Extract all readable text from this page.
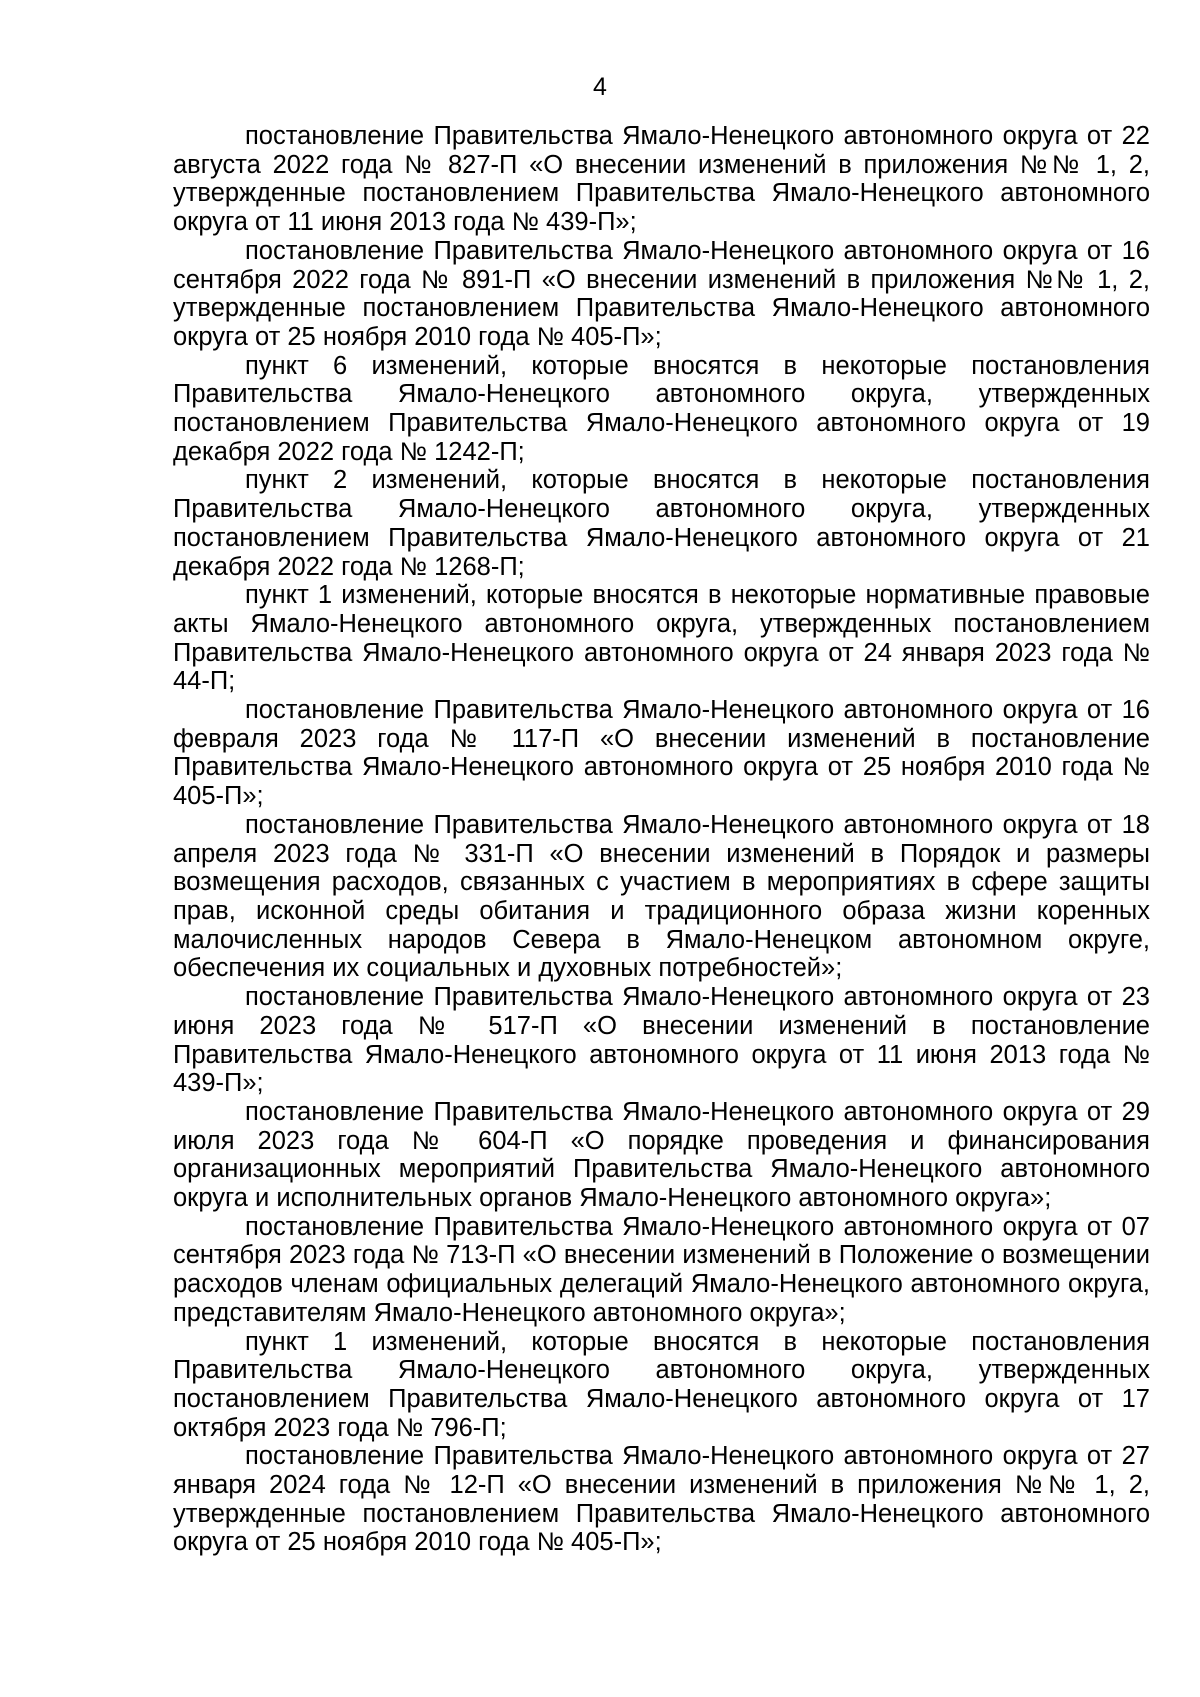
4

постановление Правительства Ямало-Ненецкого автономного округа от 22 августа 2022 года № 827-П «О внесении изменений в приложения №№ 1, 2, утвержденные постановлением Правительства Ямало-Ненецкого автономного округа от 11 июня 2013 года № 439-П»;

постановление Правительства Ямало-Ненецкого автономного округа от 16 сентября 2022 года № 891-П «О внесении изменений в приложения №№ 1, 2, утвержденные постановлением Правительства Ямало-Ненецкого автономного округа от 25 ноября 2010 года № 405-П»;

пункт 6 изменений, которые вносятся в некоторые постановления Правительства Ямало-Ненецкого автономного округа, утвержденных постановлением Правительства Ямало-Ненецкого автономного округа от 19 декабря 2022 года № 1242-П;

пункт 2 изменений, которые вносятся в некоторые постановления Правительства Ямало-Ненецкого автономного округа, утвержденных постановлением Правительства Ямало-Ненецкого автономного округа от 21 декабря 2022 года № 1268-П;

пункт 1 изменений, которые вносятся в некоторые нормативные правовые акты Ямало-Ненецкого автономного округа, утвержденных постановлением Правительства Ямало-Ненецкого автономного округа от 24 января 2023 года № 44-П;

постановление Правительства Ямало-Ненецкого автономного округа от 16 февраля 2023 года № 117-П «О внесении изменений в постановление Правительства Ямало-Ненецкого автономного округа от 25 ноября 2010 года № 405-П»;

постановление Правительства Ямало-Ненецкого автономного округа от 18 апреля 2023 года № 331-П «О внесении изменений в Порядок и размеры возмещения расходов, связанных с участием в мероприятиях в сфере защиты прав, исконной среды обитания и традиционного образа жизни коренных малочисленных народов Севера в Ямало-Ненецком автономном округе, обеспечения их социальных и духовных потребностей»;

постановление Правительства Ямало-Ненецкого автономного округа от 23 июня 2023 года № 517-П «О внесении изменений в постановление Правительства Ямало-Ненецкого автономного округа от 11 июня 2013 года № 439-П»;

постановление Правительства Ямало-Ненецкого автономного округа от 29 июля 2023 года № 604-П «О порядке проведения и финансирования организационных мероприятий Правительства Ямало-Ненецкого автономного округа и исполнительных органов Ямало-Ненецкого автономного округа»;

постановление Правительства Ямало-Ненецкого автономного округа от 07 сентября 2023 года № 713-П «О внесении изменений в Положение о возмещении расходов членам официальных делегаций Ямало-Ненецкого автономного округа, представителям Ямало-Ненецкого автономного округа»;

пункт 1 изменений, которые вносятся в некоторые постановления Правительства Ямало-Ненецкого автономного округа, утвержденных постановлением Правительства Ямало-Ненецкого автономного округа от 17 октября 2023 года № 796-П;

постановление Правительства Ямало-Ненецкого автономного округа от 27 января 2024 года № 12-П «О внесении изменений в приложения №№ 1, 2, утвержденные постановлением Правительства Ямало-Ненецкого автономного округа от 25 ноября 2010 года № 405-П»;
